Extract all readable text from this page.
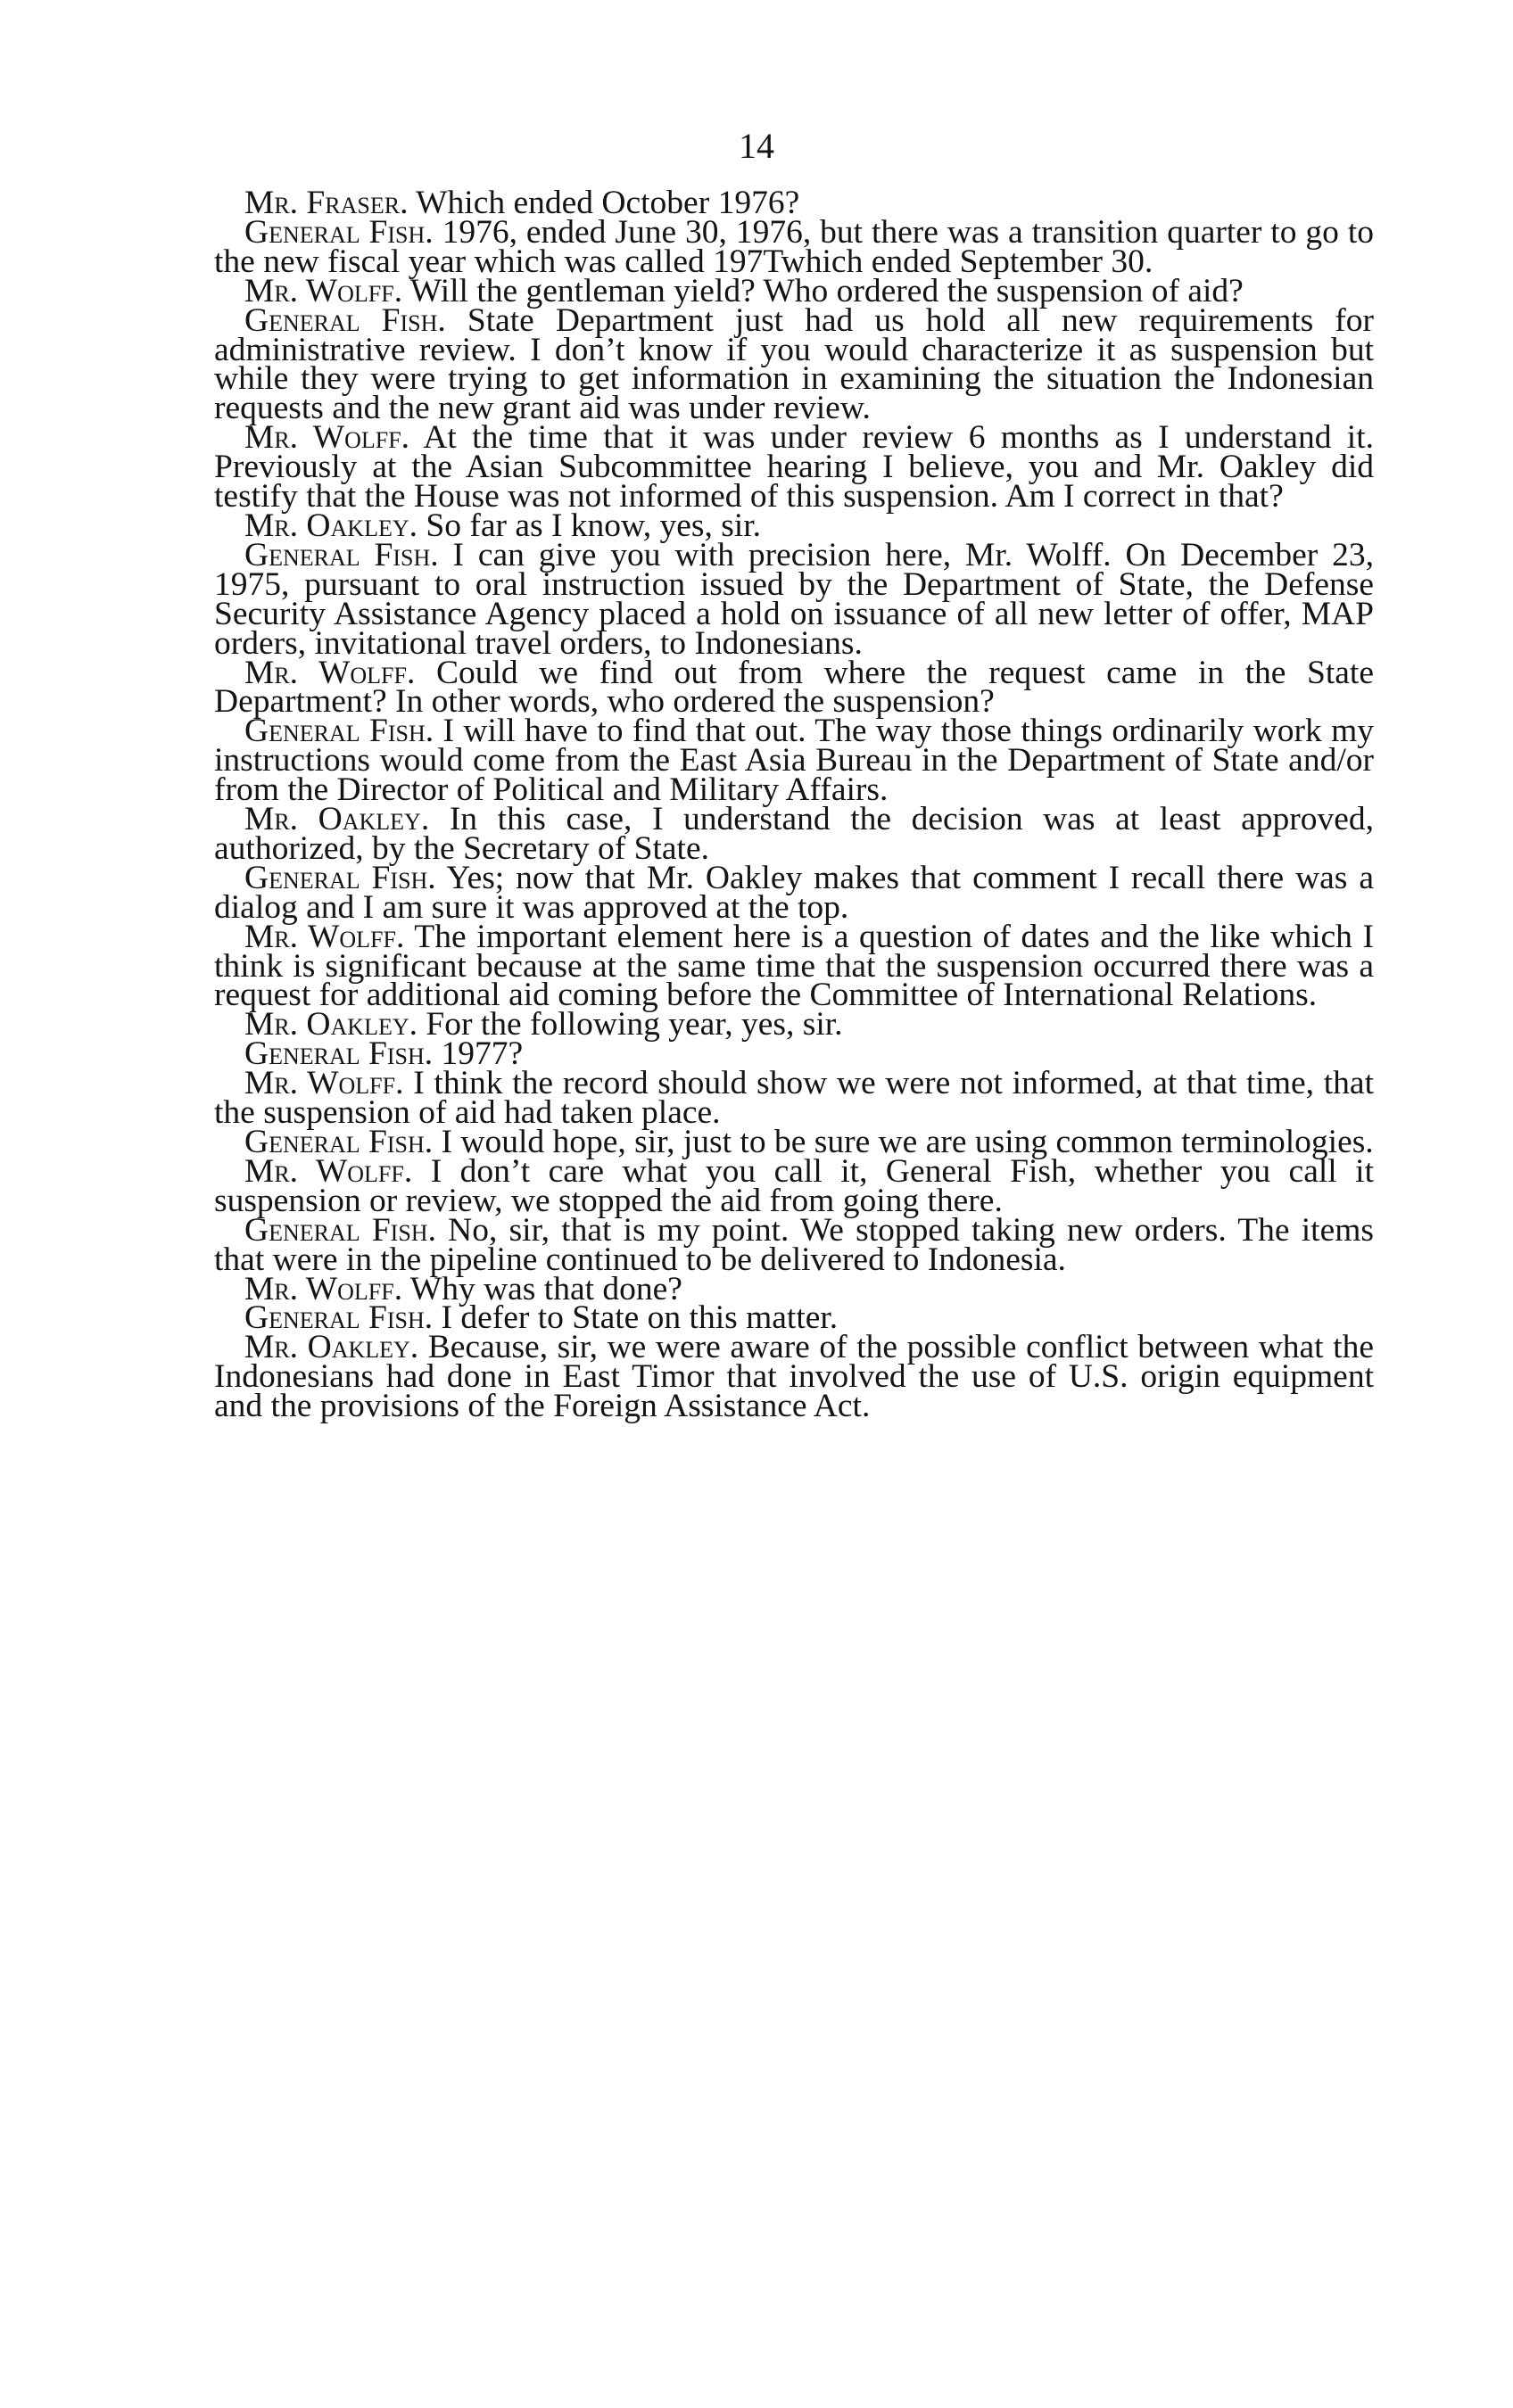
14

Mr. Fraser. Which ended October 1976?

General Fish. 1976, ended June 30, 1976, but there was a transition quarter to go to the new fiscal year which was called 197Twhich ended September 30.

Mr. Wolff. Will the gentleman yield? Who ordered the suspension of aid?

General Fish. State Department just had us hold all new requirements for administrative review. I don’t know if you would characterize it as suspension but while they were trying to get information in examining the situation the Indonesian requests and the new grant aid was under review.

Mr. Wolff. At the time that it was under review 6 months as I understand it. Previously at the Asian Subcommittee hearing I believe, you and Mr. Oakley did testify that the House was not informed of this suspension. Am I correct in that?

Mr. Oakley. So far as I know, yes, sir.

General Fish. I can give you with precision here, Mr. Wolff. On December 23, 1975, pursuant to oral instruction issued by the Department of State, the Defense Security Assistance Agency placed a hold on issuance of all new letter of offer, MAP orders, invitational travel orders, to Indonesians.

Mr. Wolff. Could we find out from where the request came in the State Department? In other words, who ordered the suspension?

General Fish. I will have to find that out. The way those things ordinarily work my instructions would come from the East Asia Bureau in the Department of State and/or from the Director of Political and Military Affairs.

Mr. Oakley. In this case, I understand the decision was at least approved, authorized, by the Secretary of State.

General Fish. Yes; now that Mr. Oakley makes that comment I recall there was a dialog and I am sure it was approved at the top.

Mr. Wolff. The important element here is a question of dates and the like which I think is significant because at the same time that the suspension occurred there was a request for additional aid coming before the Committee of International Relations.

Mr. Oakley. For the following year, yes, sir.

General Fish. 1977?

Mr. Wolff. I think the record should show we were not informed, at that time, that the suspension of aid had taken place.

General Fish. I would hope, sir, just to be sure we are using common terminologies.

Mr. Wolff. I don’t care what you call it, General Fish, whether you call it suspension or review, we stopped the aid from going there.

General Fish. No, sir, that is my point. We stopped taking new orders. The items that were in the pipeline continued to be delivered to Indonesia.

Mr. Wolff. Why was that done?

General Fish. I defer to State on this matter.

Mr. Oakley. Because, sir, we were aware of the possible conflict between what the Indonesians had done in East Timor that involved the use of U.S. origin equipment and the provisions of the Foreign Assistance Act.
